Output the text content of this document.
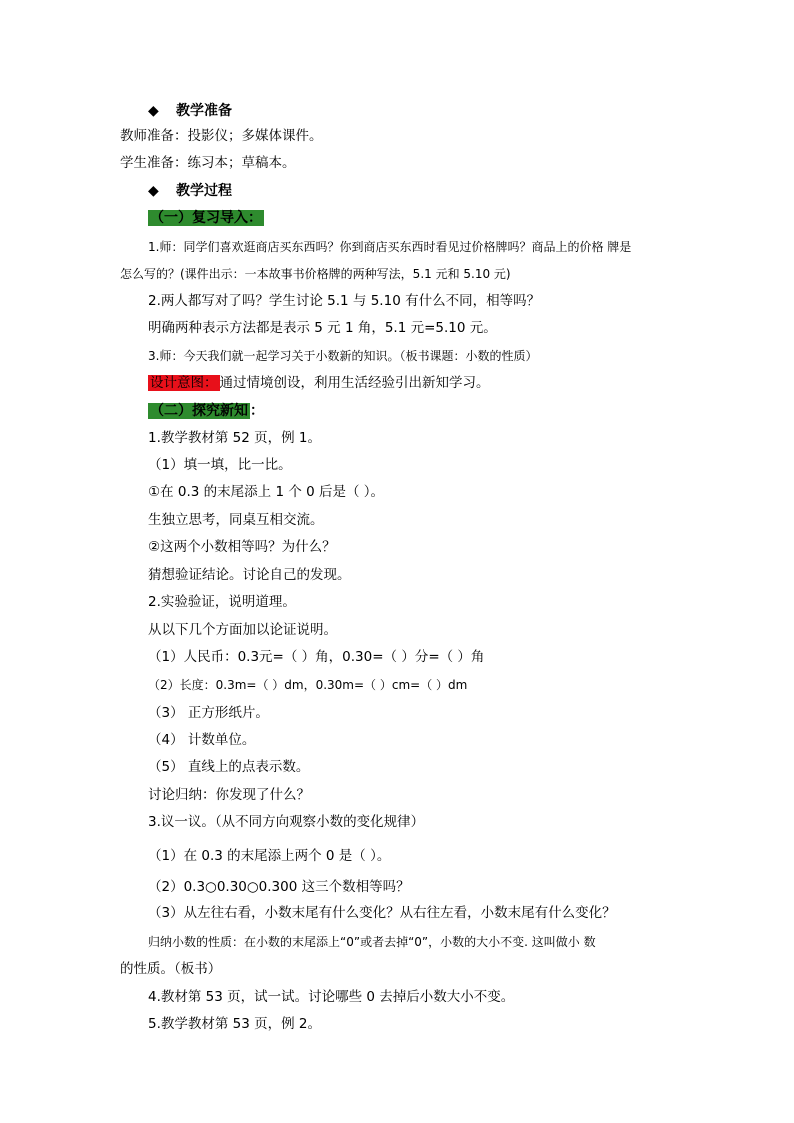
◆ 教学准备
教师准备：投影仪；多媒体课件。
学生准备：练习本；草稿本。
◆ 教学过程
（一）复习导入：
1.师：同学们喜欢逛商店买东西吗？你到商店买东西时看见过价格牌吗？商品上的价格 牌是
怎么写的？(课件出示：一本故事书价格牌的两种写法，5.1 元和 5.10 元)
2.两人都写对了吗？学生讨论 5.1 与 5.10 有什么不同，相等吗？
明确两种表示方法都是表示 5 元 1 角，5.1 元=5.10 元。
3.师：今天我们就一起学习关于小数新的知识。（板书课题：小数的性质）
设计意图： 通过情境创设，利用生活经验引出新知学习。
（二）探究新知 ：
1.教学教材第 52 页，例 1。
（1）填一填，比一比。
①在 0.3 的末尾添上 1 个 0 后是（ ）。
生独立思考，同桌互相交流。
②这两个小数相等吗？为什么？
猜想验证结论。讨论自己的发现。
2.实验验证，说明道理。
从以下几个方面加以论证说明。
（1）人民币：0.3元=（ ）角，0.30=（ ）分=（ ）角
（2）长度：0.3m=（ ）dm，0.30m=（ ）cm=（ ）dm
（3） 正方形纸片。
（4） 计数单位。
（5） 直线上的点表示数。
讨论归纳：你发现了什么？
3.议一议。（从不同方向观察小数的变化规律）
（1）在 0.3 的末尾添上两个 0 是（ ）。
（2）0.3○0.30○0.300 这三个数相等吗？
（3）从左往右看，小数末尾有什么变化？从右往左看，小数末尾有什么变化？
归纳小数的性质：在小数的末尾添上“0”或者去掉“0”，小数的大小不变. 这叫做小 数
的性质。（板书）
4.教材第 53 页，试一试。讨论哪些 0 去掉后小数大小不变。
5.教学教材第 53 页，例 2。
